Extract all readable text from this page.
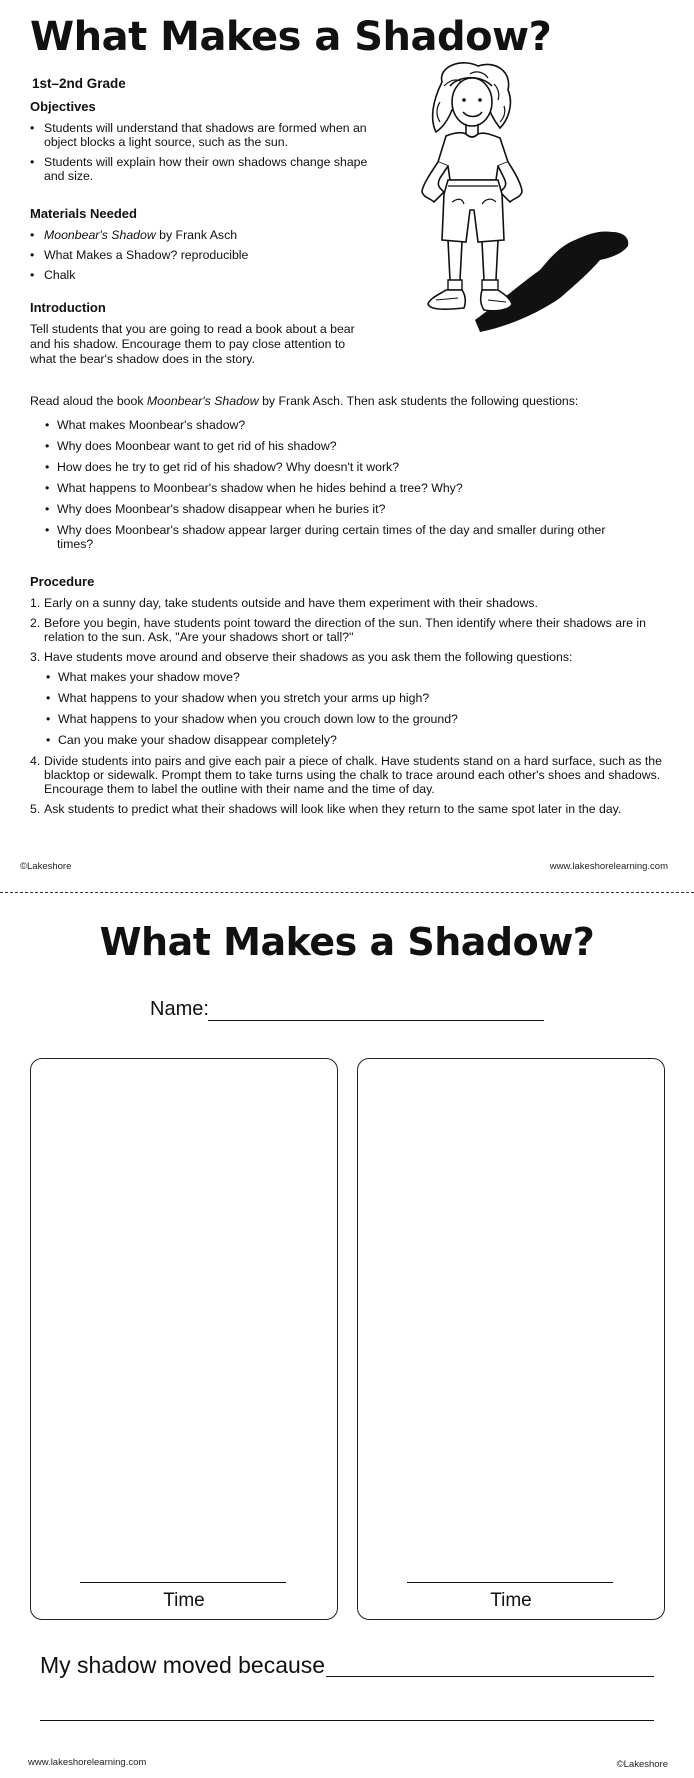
What Makes a Shadow?
1st–2nd Grade
Objectives
• Students will understand that shadows are formed when an object blocks a light source, such as the sun.
• Students will explain how their own shadows change shape and size.
Materials Needed
• Moonbear's Shadow by Frank Asch
• What Makes a Shadow? reproducible
• Chalk
Introduction
Tell students that you are going to read a book about a bear and his shadow. Encourage them to pay close attention to what the bear's shadow does in the story.
Read aloud the book Moonbear's Shadow by Frank Asch. Then ask students the following questions:
• What makes Moonbear's shadow?
• Why does Moonbear want to get rid of his shadow?
• How does he try to get rid of his shadow? Why doesn't it work?
• What happens to Moonbear's shadow when he hides behind a tree? Why?
• Why does Moonbear's shadow disappear when he buries it?
• Why does Moonbear's shadow appear larger during certain times of the day and smaller during other times?
Procedure
1. Early on a sunny day, take students outside and have them experiment with their shadows.
2. Before you begin, have students point toward the direction of the sun. Then identify where their shadows are in relation to the sun. Ask, "Are your shadows short or tall?"
3. Have students move around and observe their shadows as you ask them the following questions:
• What makes your shadow move?
• What happens to your shadow when you stretch your arms up high?
• What happens to your shadow when you crouch down low to the ground?
• Can you make your shadow disappear completely?
4. Divide students into pairs and give each pair a piece of chalk. Have students stand on a hard surface, such as the blacktop or sidewalk. Prompt them to take turns using the chalk to trace around each other's shoes and shadows. Encourage them to label the outline with their name and the time of day.
5. Ask students to predict what their shadows will look like when they return to the same spot later in the day.
©Lakeshore	www.lakeshorelearning.com
What Makes a Shadow?
Name:
Time	Time
My shadow moved because
www.lakeshorelearning.com	©Lakeshore
